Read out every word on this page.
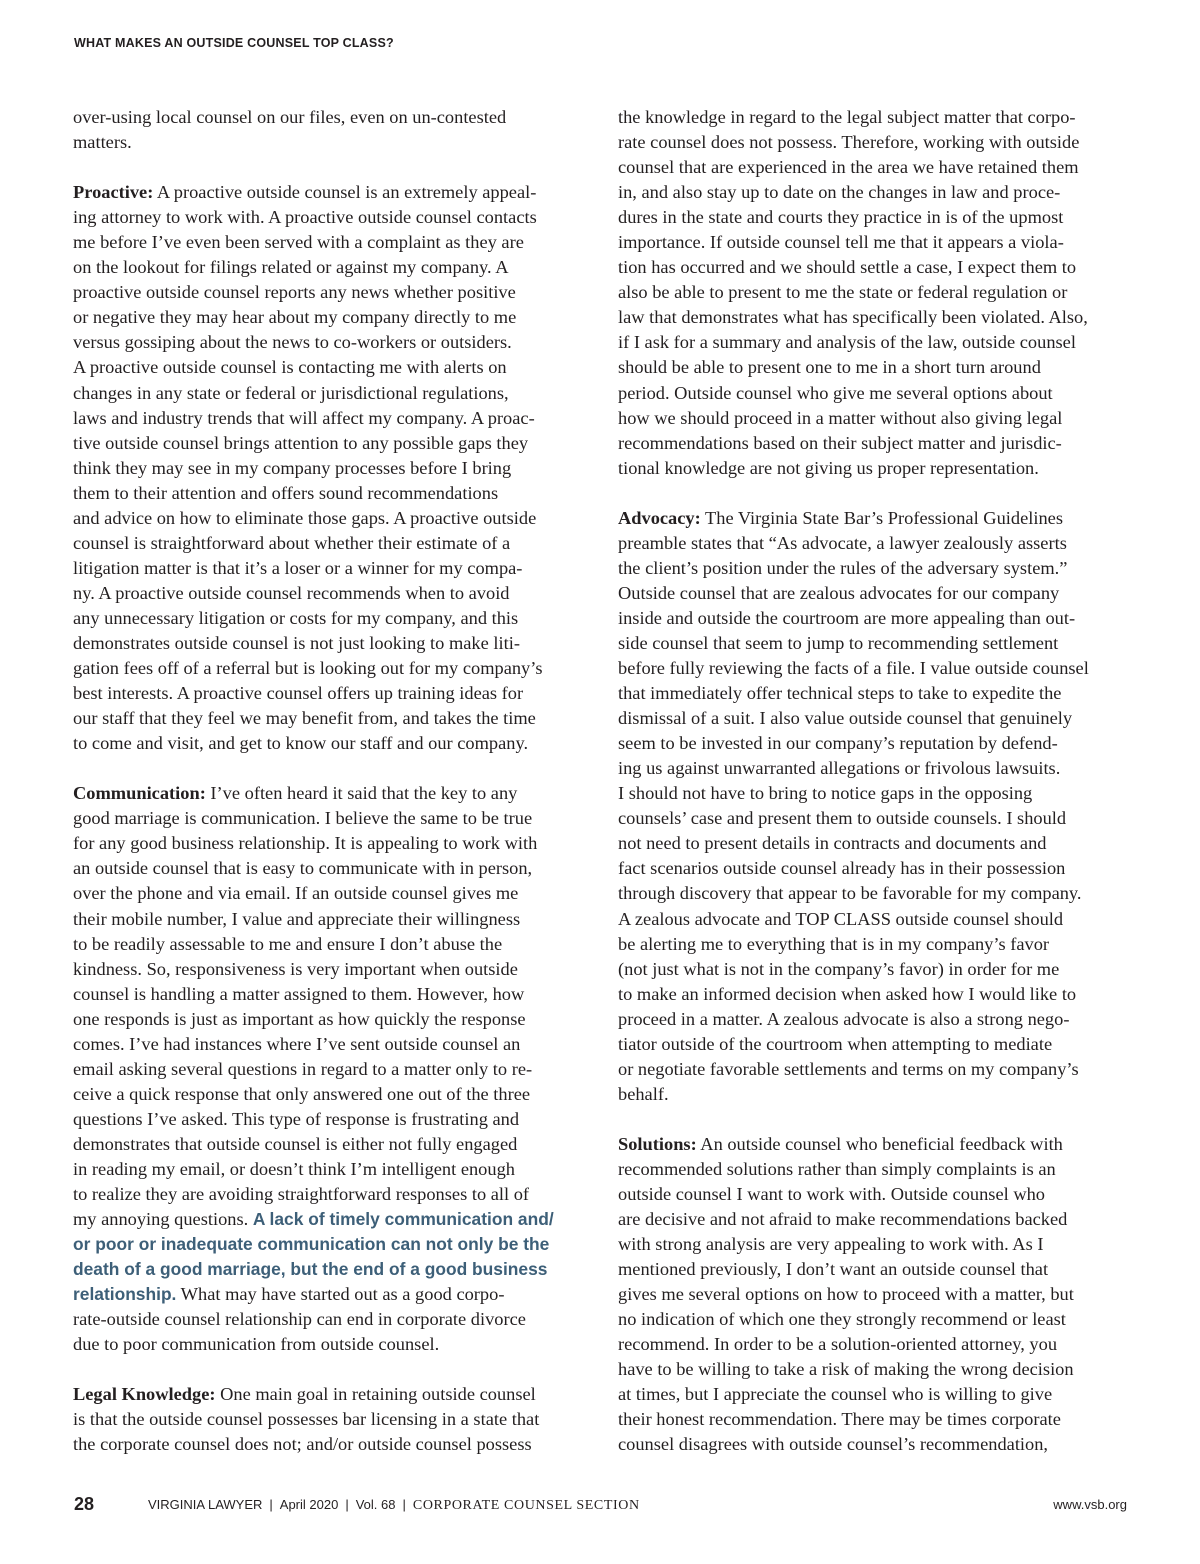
WHAT MAKES AN OUTSIDE COUNSEL TOP CLASS?

over-using local counsel on our files, even on un-contested
matters.

Proactive: A proactive outside counsel is an extremely appeal-
ing attorney to work with. A proactive outside counsel contacts
me before I’ve even been served with a complaint as they are
on the lookout for filings related or against my company. A
proactive outside counsel reports any news whether positive
or negative they may hear about my company directly to me
versus gossiping about the news to co-workers or outsiders.
A proactive outside counsel is contacting me with alerts on
changes in any state or federal or jurisdictional regulations,
laws and industry trends that will affect my company. A proac-
tive outside counsel brings attention to any possible gaps they
think they may see in my company processes before I bring
them to their attention and offers sound recommendations
and advice on how to eliminate those gaps. A proactive outside
counsel is straightforward about whether their estimate of a
litigation matter is that it’s a loser or a winner for my compa-
ny. A proactive outside counsel recommends when to avoid
any unnecessary litigation or costs for my company, and this
demonstrates outside counsel is not just looking to make liti-
gation fees off of a referral but is looking out for my company’s
best interests. A proactive counsel offers up training ideas for
our staff that they feel we may benefit from, and takes the time
to come and visit, and get to know our staff and our company.

Communication: I’ve often heard it said that the key to any
good marriage is communication. I believe the same to be true
for any good business relationship. It is appealing to work with
an outside counsel that is easy to communicate with in person,
over the phone and via email. If an outside counsel gives me
their mobile number, I value and appreciate their willingness
to be readily assessable to me and ensure I don’t abuse the
kindness. So, responsiveness is very important when outside
counsel is handling a matter assigned to them. However, how
one responds is just as important as how quickly the response
comes. I’ve had instances where I’ve sent outside counsel an
email asking several questions in regard to a matter only to re-
ceive a quick response that only answered one out of the three
questions I’ve asked. This type of response is frustrating and
demonstrates that outside counsel is either not fully engaged
in reading my email, or doesn’t think I’m intelligent enough
to realize they are avoiding straightforward responses to all of
my annoying questions. A lack of timely communication and/
or poor or inadequate communication can not only be the
death of a good marriage, but the end of a good business
relationship. What may have started out as a good corpo-
rate-outside counsel relationship can end in corporate divorce
due to poor communication from outside counsel.

Legal Knowledge: One main goal in retaining outside counsel
is that the outside counsel possesses bar licensing in a state that
the corporate counsel does not; and/or outside counsel possess

the knowledge in regard to the legal subject matter that corpo-
rate counsel does not possess. Therefore, working with outside
counsel that are experienced in the area we have retained them
in, and also stay up to date on the changes in law and proce-
dures in the state and courts they practice in is of the upmost
importance. If outside counsel tell me that it appears a viola-
tion has occurred and we should settle a case, I expect them to
also be able to present to me the state or federal regulation or
law that demonstrates what has specifically been violated. Also,
if I ask for a summary and analysis of the law, outside counsel
should be able to present one to me in a short turn around
period. Outside counsel who give me several options about
how we should proceed in a matter without also giving legal
recommendations based on their subject matter and jurisdic-
tional knowledge are not giving us proper representation.

Advocacy: The Virginia State Bar’s Professional Guidelines
preamble states that “As advocate, a lawyer zealously asserts
the client’s position under the rules of the adversary system.”
Outside counsel that are zealous advocates for our company
inside and outside the courtroom are more appealing than out-
side counsel that seem to jump to recommending settlement
before fully reviewing the facts of a file. I value outside counsel
that immediately offer technical steps to take to expedite the
dismissal of a suit. I also value outside counsel that genuinely
seem to be invested in our company’s reputation by defend-
ing us against unwarranted allegations or frivolous lawsuits.
I should not have to bring to notice gaps in the opposing
counsels’ case and present them to outside counsels. I should
not need to present details in contracts and documents and
fact scenarios outside counsel already has in their possession
through discovery that appear to be favorable for my company.
A zealous advocate and TOP CLASS outside counsel should
be alerting me to everything that is in my company’s favor
(not just what is not in the company’s favor) in order for me
to make an informed decision when asked how I would like to
proceed in a matter. A zealous advocate is also a strong nego-
tiator outside of the courtroom when attempting to mediate
or negotiate favorable settlements and terms on my company’s
behalf.

Solutions: An outside counsel who beneficial feedback with
recommended solutions rather than simply complaints is an
outside counsel I want to work with. Outside counsel who
are decisive and not afraid to make recommendations backed
with strong analysis are very appealing to work with. As I
mentioned previously, I don’t want an outside counsel that
gives me several options on how to proceed with a matter, but
no indication of which one they strongly recommend or least
recommend. In order to be a solution-oriented attorney, you
have to be willing to take a risk of making the wrong decision
at times, but I appreciate the counsel who is willing to give
their honest recommendation. There may be times corporate
counsel disagrees with outside counsel’s recommendation,

28	VIRGINIA LAWYER | April 2020 | Vol. 68 | CORPORATE COUNSEL SECTION	www.vsb.org
